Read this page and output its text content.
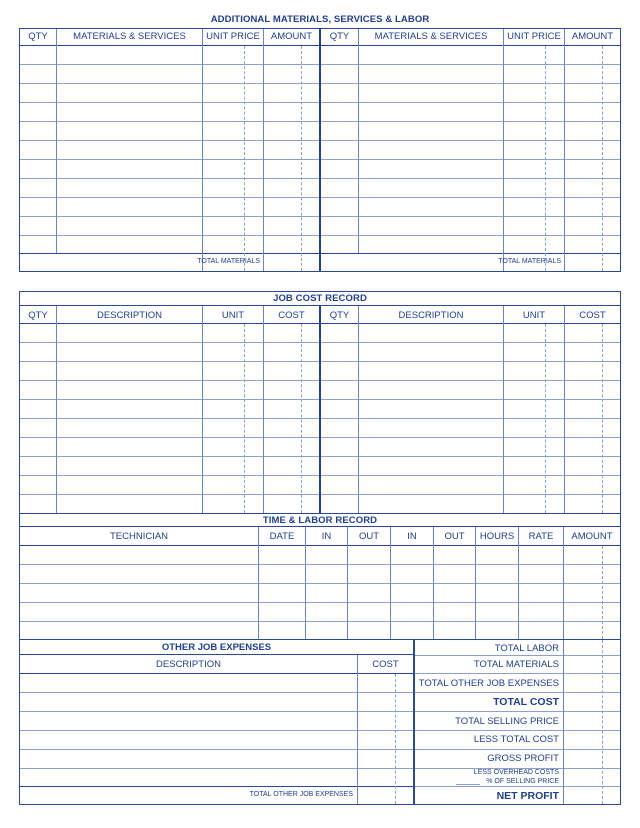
ADDITIONAL MATERIALS, SERVICES & LABOR
QTY	MATERIALS & SERVICES	UNIT PRICE	AMOUNT	QTY	MATERIALS & SERVICES	UNIT PRICE	AMOUNT
TOTAL MATERIALS	TOTAL MATERIALS
JOB COST RECORD
QTY	DESCRIPTION	UNIT	COST	QTY	DESCRIPTION	UNIT	COST
TIME & LABOR RECORD
TECHNICIAN	DATE	IN	OUT	IN	OUT	HOURS	RATE	AMOUNT
OTHER JOB EXPENSES
DESCRIPTION	COST
TOTAL OTHER JOB EXPENSES
TOTAL LABOR
TOTAL MATERIALS
TOTAL OTHER JOB EXPENSES
TOTAL COST
TOTAL SELLING PRICE
LESS TOTAL COST
GROSS PROFIT
LESS OVERHEAD COSTS
% OF SELLING PRICE
NET PROFIT
